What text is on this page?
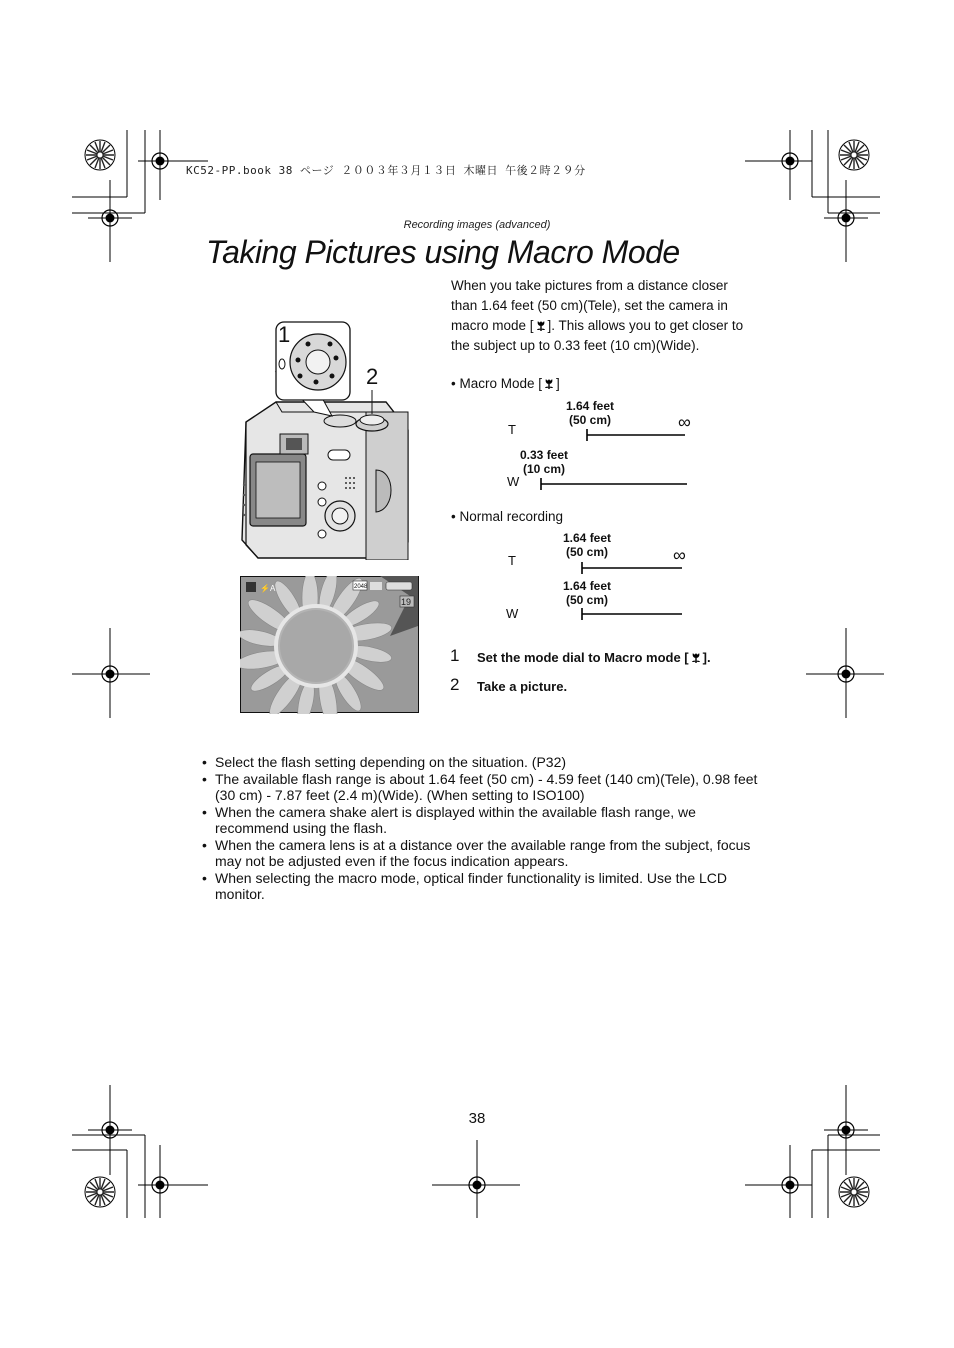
KC52-PP.book 38 ページ ２００３年３月１３日 木曜日 午後２時２９分
Recording images (advanced)
Taking Pictures using Macro Mode
When you take pictures from a distance closer than 1.64 feet (50 cm)(Tele), set the camera in macro mode [ ]. This allows you to get closer to the subject up to 0.33 feet (10 cm)(Wide).
1
2
⚡A	2048
19
• Macro Mode [ ]
1.64 feet
(50 cm)
T	∞
0.33 feet
(10 cm)
W
• Normal recording
1.64 feet
(50 cm)
T	∞
1.64 feet
(50 cm)
W
1 Set the mode dial to Macro mode [ ].
2 Take a picture.
• Select the flash setting depending on the situation. (P32)
• The available flash range is about 1.64 feet (50 cm) - 4.59 feet (140 cm)(Tele), 0.98 feet (30 cm) - 7.87 feet (2.4 m)(Wide). (When setting to ISO100)
• When the camera shake alert is displayed within the available flash range, we recommend using the flash.
• When the camera lens is at a distance over the available range from the subject, focus may not be adjusted even if the focus indication appears.
• When selecting the macro mode, optical finder functionality is limited. Use the LCD monitor.
38
